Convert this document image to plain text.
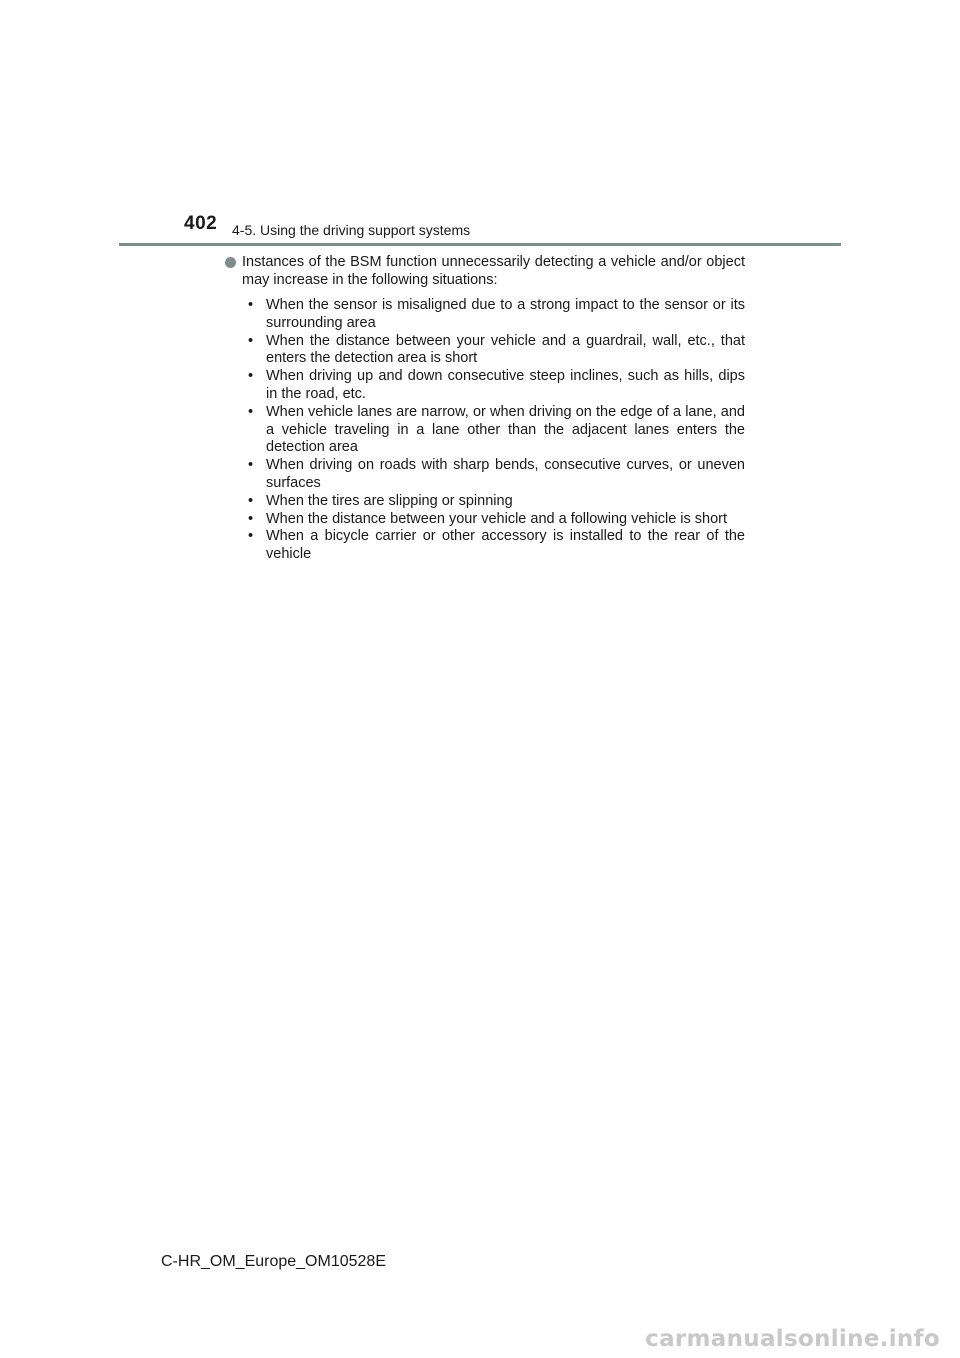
402 4-5. Using the driving support systems

Instances of the BSM function unnecessarily detecting a vehicle and/or object may increase in the following situations:

• When the sensor is misaligned due to a strong impact to the sensor or its surrounding area
• When the distance between your vehicle and a guardrail, wall, etc., that enters the detection area is short
• When driving up and down consecutive steep inclines, such as hills, dips in the road, etc.
• When vehicle lanes are narrow, or when driving on the edge of a lane, and a vehicle traveling in a lane other than the adjacent lanes enters the detection area
• When driving on roads with sharp bends, consecutive curves, or uneven surfaces
• When the tires are slipping or spinning
• When the distance between your vehicle and a following vehicle is short
• When a bicycle carrier or other accessory is installed to the rear of the vehicle
C-HR_OM_Europe_OM10528E
carmanualsonline.info
